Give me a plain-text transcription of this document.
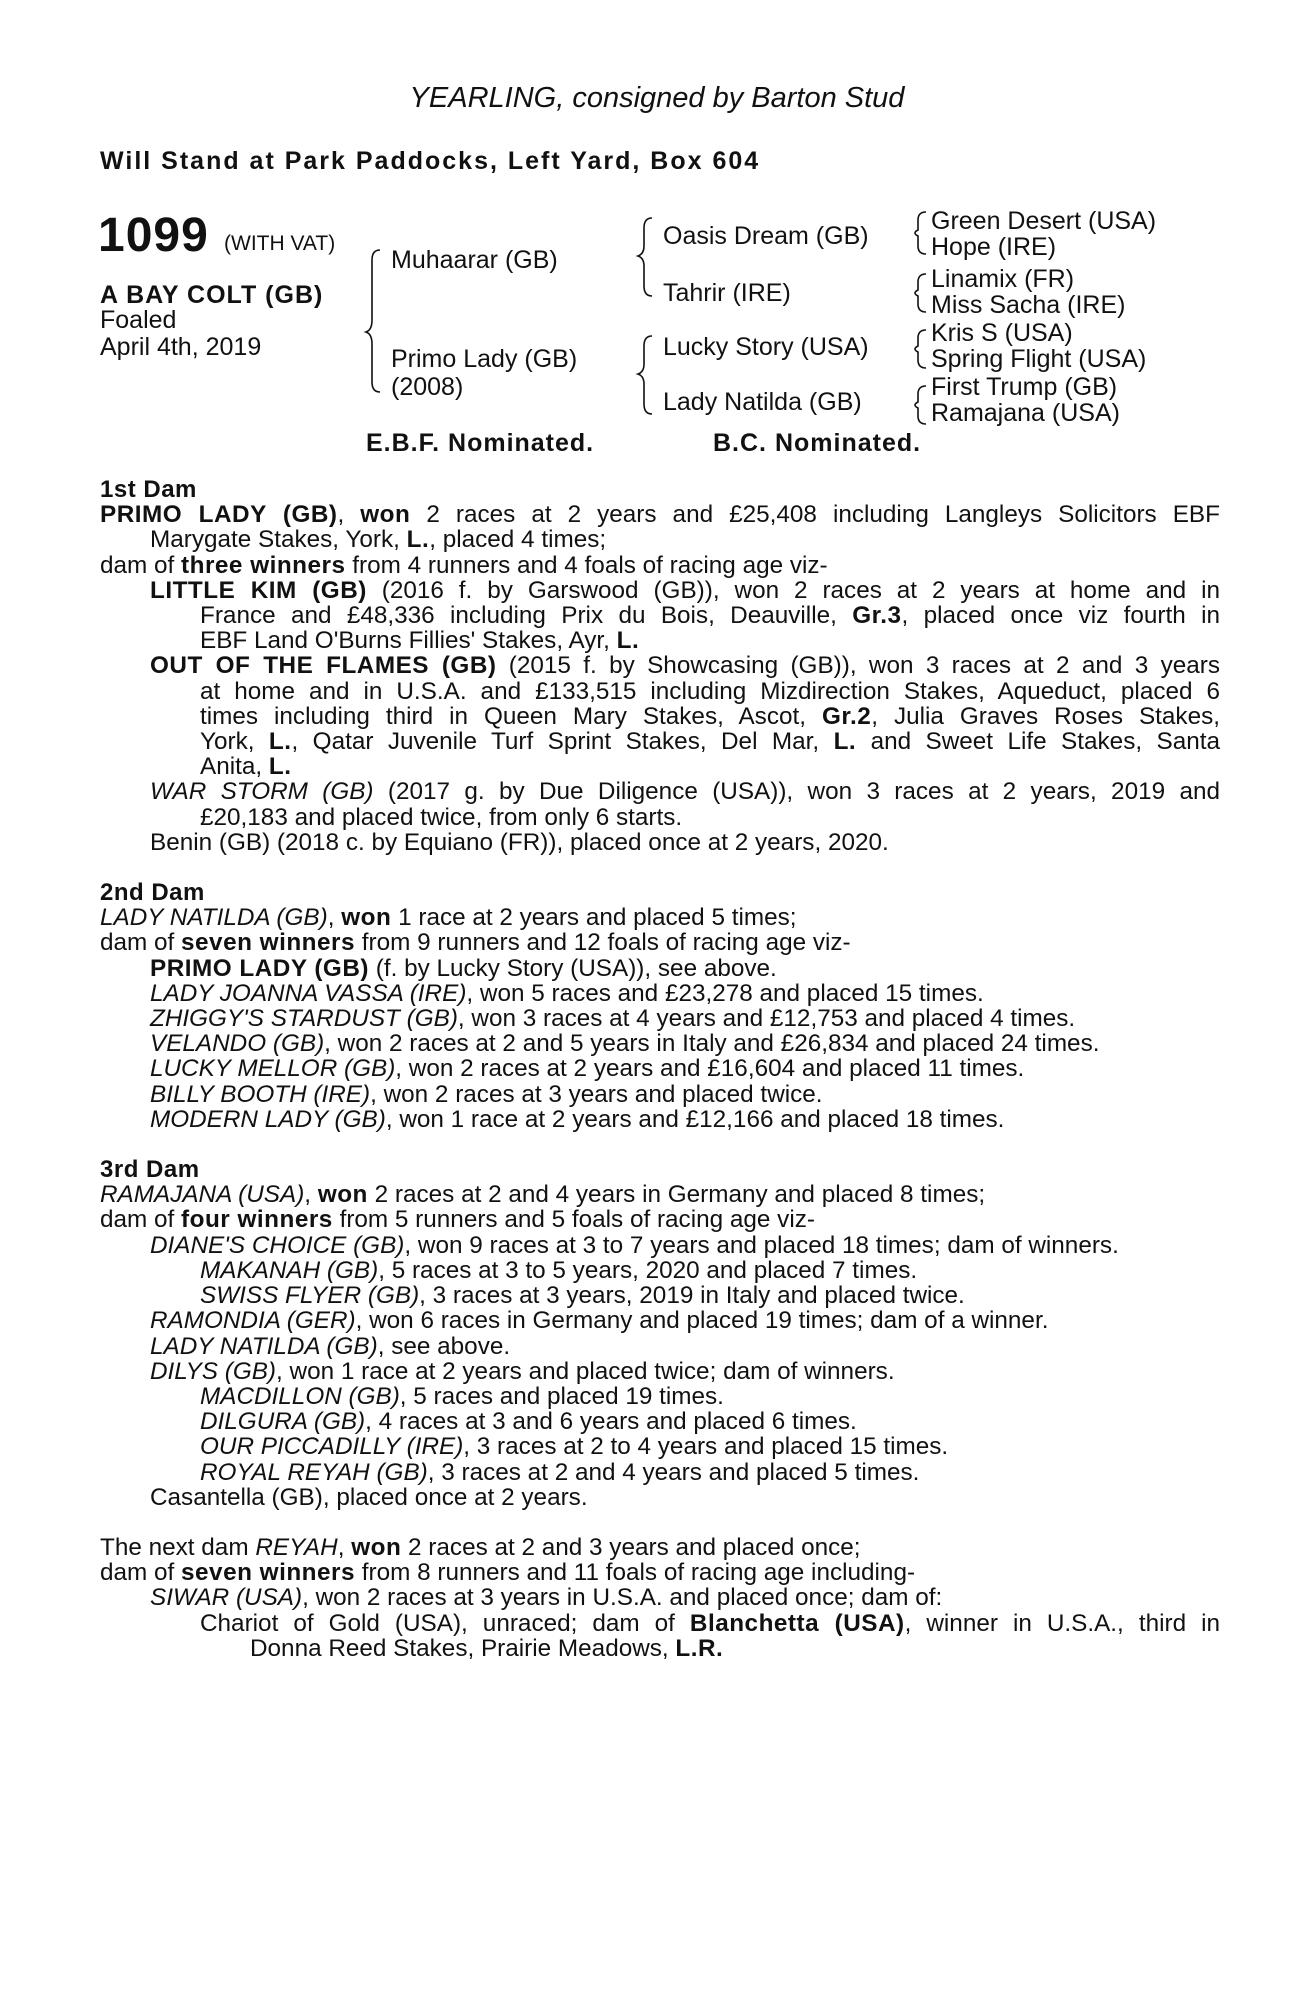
YEARLING, consigned by Barton Stud
Will Stand at Park Paddocks, Left Yard, Box 604
1099 (WITH VAT)
A BAY COLT (GB)
Foaled
April 4th, 2019
Muhaarar (GB)
Primo Lady (GB)
(2008)
Oasis Dream (GB)
Tahrir (IRE)
Lucky Story (USA)
Lady Natilda (GB)
Green Desert (USA)
Hope (IRE)
Linamix (FR)
Miss Sacha (IRE)
Kris S (USA)
Spring Flight (USA)
First Trump (GB)
Ramajana (USA)
E.B.F. Nominated.	B.C. Nominated.
1st Dam
PRIMO LADY (GB), won 2 races at 2 years and £25,408 including Langleys Solicitors EBF
Marygate Stakes, York, L., placed 4 times;
dam of three winners from 4 runners and 4 foals of racing age viz-
LITTLE KIM (GB) (2016 f. by Garswood (GB)), won 2 races at 2 years at home and in
France and £48,336 including Prix du Bois, Deauville, Gr.3, placed once viz fourth in
EBF Land O'Burns Fillies' Stakes, Ayr, L.
OUT OF THE FLAMES (GB) (2015 f. by Showcasing (GB)), won 3 races at 2 and 3 years
at home and in U.S.A. and £133,515 including Mizdirection Stakes, Aqueduct, placed 6
times including third in Queen Mary Stakes, Ascot, Gr.2, Julia Graves Roses Stakes,
York, L., Qatar Juvenile Turf Sprint Stakes, Del Mar, L. and Sweet Life Stakes, Santa
Anita, L.
WAR STORM (GB) (2017 g. by Due Diligence (USA)), won 3 races at 2 years, 2019 and
£20,183 and placed twice, from only 6 starts.
Benin (GB) (2018 c. by Equiano (FR)), placed once at 2 years, 2020.
2nd Dam
LADY NATILDA (GB), won 1 race at 2 years and placed 5 times;
dam of seven winners from 9 runners and 12 foals of racing age viz-
PRIMO LADY (GB) (f. by Lucky Story (USA)), see above.
LADY JOANNA VASSA (IRE), won 5 races and £23,278 and placed 15 times.
ZHIGGY'S STARDUST (GB), won 3 races at 4 years and £12,753 and placed 4 times.
VELANDO (GB), won 2 races at 2 and 5 years in Italy and £26,834 and placed 24 times.
LUCKY MELLOR (GB), won 2 races at 2 years and £16,604 and placed 11 times.
BILLY BOOTH (IRE), won 2 races at 3 years and placed twice.
MODERN LADY (GB), won 1 race at 2 years and £12,166 and placed 18 times.
3rd Dam
RAMAJANA (USA), won 2 races at 2 and 4 years in Germany and placed 8 times;
dam of four winners from 5 runners and 5 foals of racing age viz-
DIANE'S CHOICE (GB), won 9 races at 3 to 7 years and placed 18 times; dam of winners.
MAKANAH (GB), 5 races at 3 to 5 years, 2020 and placed 7 times.
SWISS FLYER (GB), 3 races at 3 years, 2019 in Italy and placed twice.
RAMONDIA (GER), won 6 races in Germany and placed 19 times; dam of a winner.
LADY NATILDA (GB), see above.
DILYS (GB), won 1 race at 2 years and placed twice; dam of winners.
MACDILLON (GB), 5 races and placed 19 times.
DILGURA (GB), 4 races at 3 and 6 years and placed 6 times.
OUR PICCADILLY (IRE), 3 races at 2 to 4 years and placed 15 times.
ROYAL REYAH (GB), 3 races at 2 and 4 years and placed 5 times.
Casantella (GB), placed once at 2 years.
The next dam REYAH, won 2 races at 2 and 3 years and placed once;
dam of seven winners from 8 runners and 11 foals of racing age including-
SIWAR (USA), won 2 races at 3 years in U.S.A. and placed once; dam of:
Chariot of Gold (USA), unraced; dam of Blanchetta (USA), winner in U.S.A., third in
Donna Reed Stakes, Prairie Meadows, L.R.
